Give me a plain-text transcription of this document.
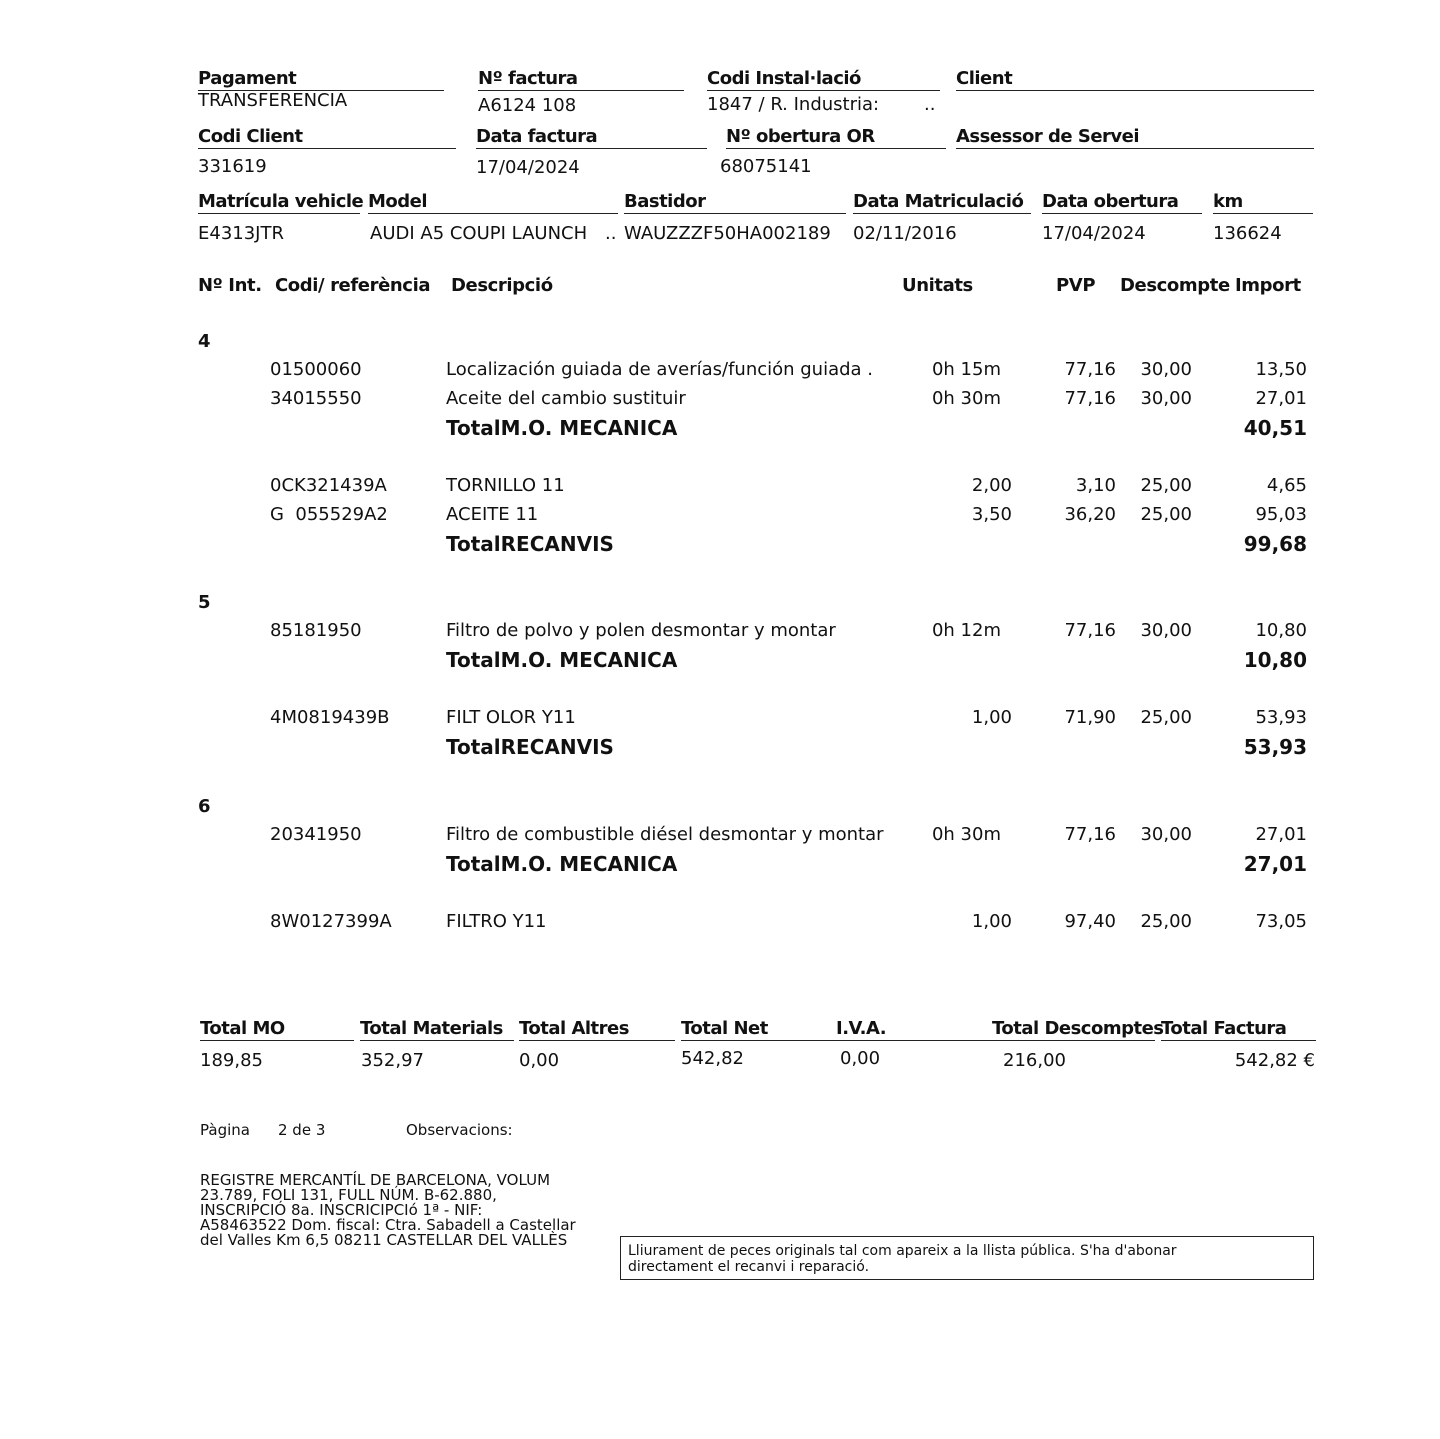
Pagament
TRANSFERENCIA
Nº factura
A6124 108
Codi Instal·lació
1847 / R. Industria: ..
Client
Codi Client
331619
Data factura
17/04/2024
Nº obertura OR
68075141
Assessor de Servei
Matrícula vehicle
E4313JTR
Model
AUDI A5 COUPI LAUNCH ..
Bastidor
WAUZZZF50HA002189
Data Matriculació
02/11/2016
Data obertura
17/04/2024
km
136624
Nº Int. Codi/ referència Descripció	Unitats	PVP Descompte Import
4
01500060	Localización guiada de averías/función guiada .	0h 15m	77,16	30,00	13,50
34015550	Aceite del cambio sustituir	0h 30m	77,16	30,00	27,01
TotalM.O. MECANICA	40,51
0CK321439A	TORNILLO 11	2,00	3,10	25,00	4,65
G  055529A2	ACEITE 11	3,50	36,20	25,00	95,03
TotalRECANVIS	99,68
5
85181950	Filtro de polvo y polen desmontar y montar	0h 12m	77,16	30,00	10,80
TotalM.O. MECANICA	10,80
4M0819439B	FILT OLOR Y11	1,00	71,90	25,00	53,93
TotalRECANVIS	53,93
6
20341950	Filtro de combustible diésel desmontar y montar	0h 30m	77,16	30,00	27,01
TotalM.O. MECANICA	27,01
8W0127399A	FILTRO Y11	1,00	97,40	25,00	73,05
Total MO
189,85
Total Materials
352,97
Total Altres
0,00
Total Net
542,82
I.V.A.
0,00
Total Descomptes
216,00
Total Factura
542,82 €
Pàgina 2 de 3	Observacions:
REGISTRE MERCANTÍL DE BARCELONA, VOLUM
23.789, FOLI 131, FULL NÚM. B-62.880,
INSCRIPCIÓ 8a. INSCRICIPCIó 1ª - NIF:
A58463522 Dom. fiscal: Ctra. Sabadell a Castellar
del Valles Km 6,5 08211 CASTELLAR DEL VALLÈS
Lliurament de peces originals tal com apareix a la llista pública. S'ha d'abonar
directament el recanvi i reparació.
